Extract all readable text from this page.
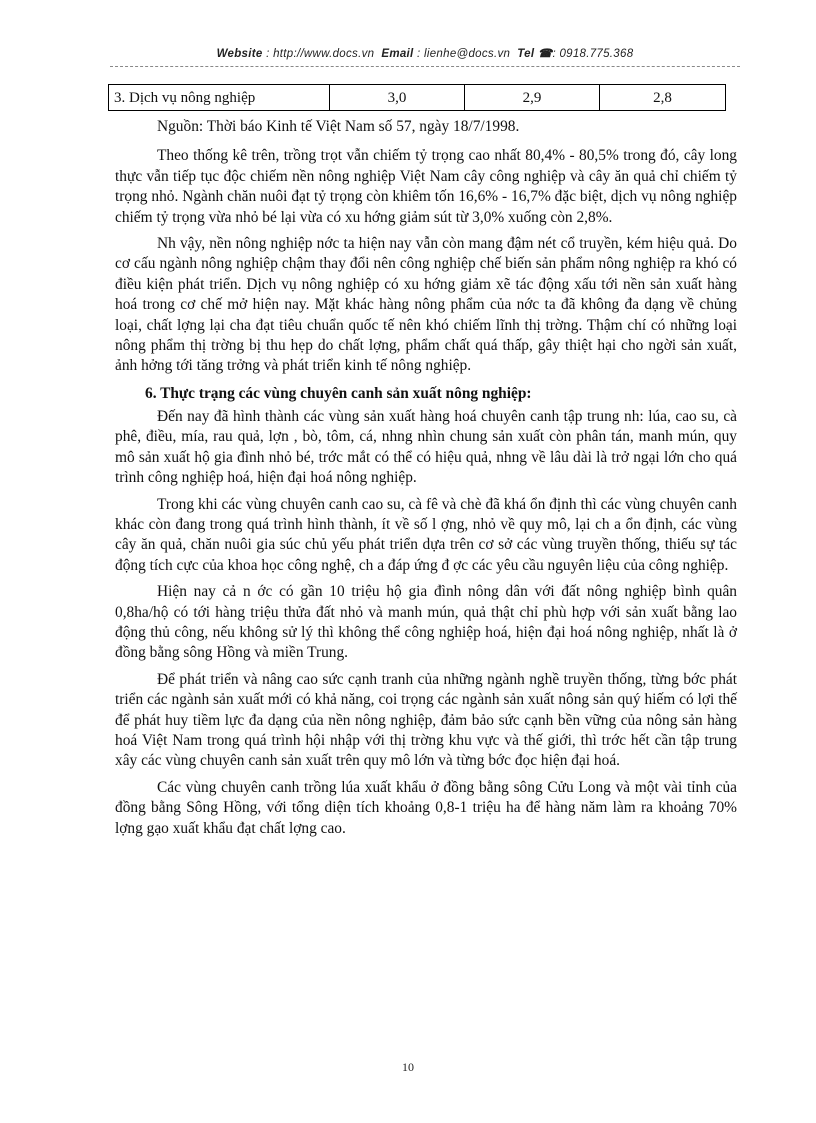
Website : http://www.docs.vn Email : lienhe@docs.vn Tel ☎: 0918.775.368
3. Dịch vụ nông nghiệp	3,0	2,9	2,8

Nguồn: Thời báo Kinh tế Việt Nam số 57, ngày 18/7/1998.

Theo thống kê trên, trồng trọt vẫn chiếm tỷ trọng cao nhất 80,4% - 80,5% trong đó, cây long thực vẫn tiếp tục độc chiếm nền nông nghiệp Việt Nam cây công nghiệp và cây ăn quả chỉ chiếm tỷ trọng nhỏ. Ngành chăn nuôi đạt tỷ trọng còn khiêm tốn 16,6% - 16,7% đặc biệt, dịch vụ nông nghiệp chiếm tỷ trọng vừa nhỏ bé lại vừa có xu hớng giảm sút từ 3,0% xuống còn 2,8%.

Nh vậy, nền nông nghiệp nớc ta hiện nay vẫn còn mang đậm nét cổ truyền, kém hiệu quả. Do cơ cấu ngành nông nghiệp chậm thay đổi nên công nghiệp chế biến sản phẩm nông nghiệp ra khó có điều kiện phát triển. Dịch vụ nông nghiệp có xu hớng giảm xẽ tác động xấu tới nền sản xuất hàng hoá trong cơ chế mở hiện nay. Mặt khác hàng nông phẩm của nớc ta đã không đa dạng về chủng loại, chất lợng lại cha đạt tiêu chuẩn quốc tế nên khó chiếm lĩnh thị trờng. Thậm chí có những loại nông phẩm thị trờng bị thu hẹp do chất lợng, phẩm chất quá thấp, gây thiệt hại cho ngời sản xuất, ảnh hởng tới tăng trởng và phát triển kinh tế nông nghiệp.

6. Thực trạng các vùng chuyên canh sản xuất nông nghiệp:

Đến nay đã hình thành các vùng sản xuất hàng hoá chuyên canh tập trung nh: lúa, cao su, cà phê, điều, mía, rau quả, lợn , bò, tôm, cá, nhng nhìn chung sản xuất còn phân tán, manh mún, quy mô sản xuất hộ gia đình nhỏ bé, trớc mắt có thể có hiệu quả, nhng về lâu dài là trở ngại lớn cho quá trình công nghiệp hoá, hiện đại hoá nông nghiệp.

Trong khi các vùng chuyên canh cao su, cà fê và chè đã khá ổn định thì các vùng chuyên canh khác còn đang trong quá trình hình thành, ít về số l ợng, nhỏ về quy mô, lại ch a ổn định, các vùng cây ăn quả, chăn nuôi gia súc chủ yếu phát triển dựa trên cơ sở các vùng truyền thống, thiếu sự tác động tích cực của khoa học công nghệ, ch a đáp ứng đ ợc các yêu cầu nguyên liệu của công nghiệp.

Hiện nay cả n ớc có gần 10 triệu hộ gia đình nông dân với đất nông nghiệp bình quân 0,8ha/hộ có tới hàng triệu thửa đất nhỏ và manh mún, quả thật chỉ phù hợp với sản xuất bằng lao động thủ công, nếu không sử lý thì không thể công nghiệp hoá, hiện đại hoá nông nghiệp, nhất là ở đồng bằng sông Hồng và miền Trung.

Để phát triển và nâng cao sức cạnh tranh của những ngành nghề truyền thống, từng bớc phát triển các ngành sản xuất mới có khả năng, coi trọng các ngành sản xuất nông sản quý hiếm có lợi thế để phát huy tiềm lực đa dạng của nền nông nghiệp, đảm bảo sức cạnh bền vững của nông sản hàng hoá Việt Nam trong quá trình hội nhập với thị trờng khu vực và thế giới, thì trớc hết cần tập trung xây các vùng chuyên canh sản xuất trên quy mô lớn và từng bớc đọc hiện đại hoá.

Các vùng chuyên canh trồng lúa xuất khẩu ở đồng bằng sông Cửu Long và một vài tỉnh của đồng bằng Sông Hồng, với tổng diện tích khoảng 0,8-1 triệu ha để hàng năm làm ra khoảng 70% lợng gạo xuất khẩu đạt chất lợng cao.

10
